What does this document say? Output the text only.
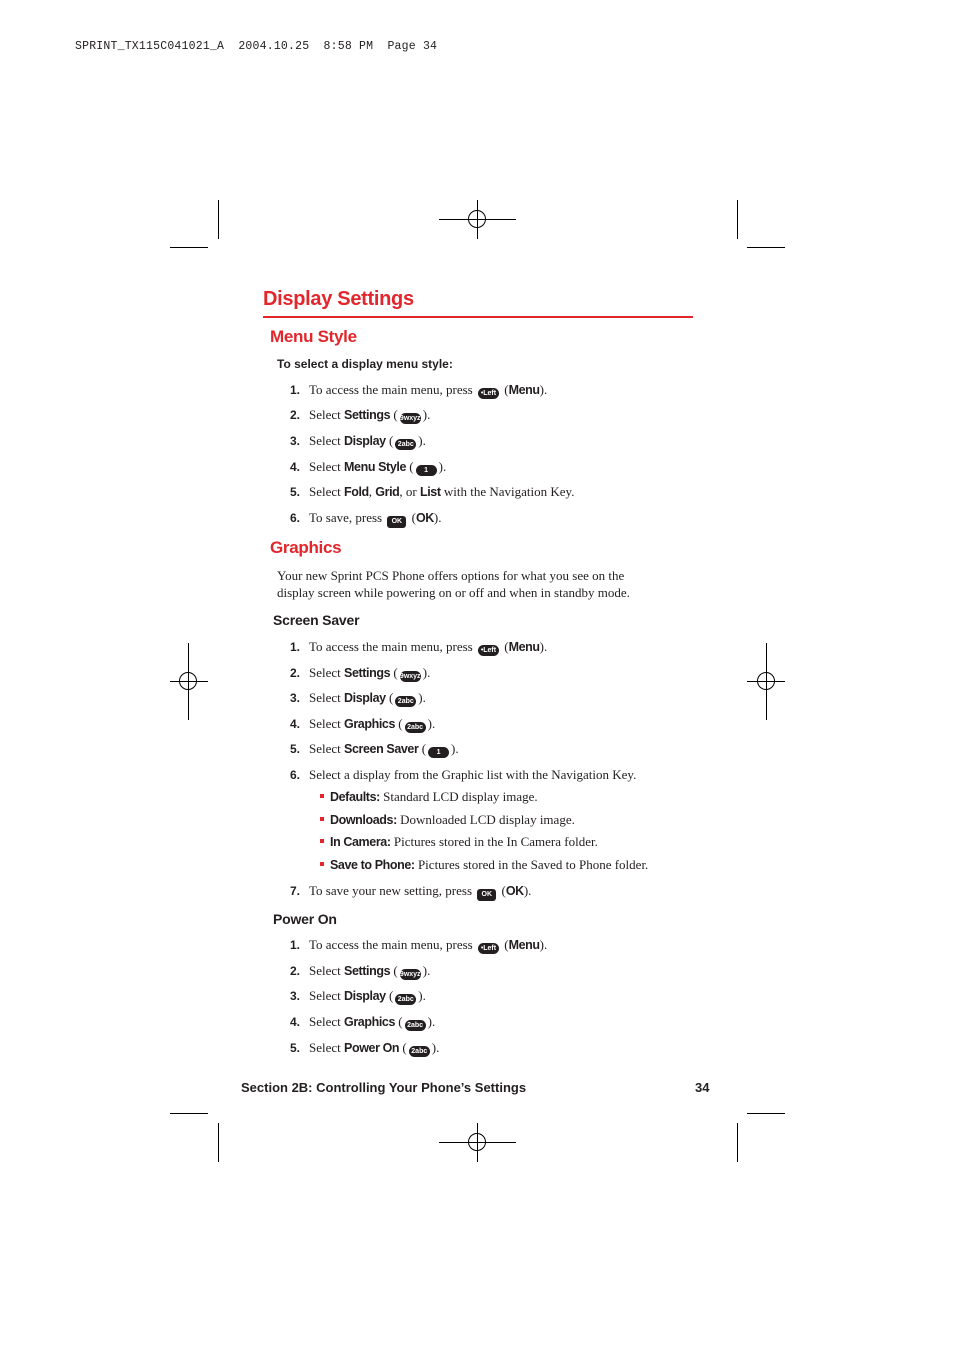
SPRINT_TX115C041021_A  2004.10.25  8:58 PM  Page 34
Display Settings
Menu Style
To select a display menu style:
1. To access the main menu, press •Left (Menu).
2. Select Settings ( 9wxyz ).
3. Select Display ( 2abc ).
4. Select Menu Style ( 1 ).
5. Select Fold, Grid, or List with the Navigation Key.
6. To save, press OK (OK).
Graphics
Your new Sprint PCS Phone offers options for what you see on the
display screen while powering on or off and when in standby mode.
Screen Saver
1. To access the main menu, press •Left (Menu).
2. Select Settings ( 9wxyz ).
3. Select Display ( 2abc ).
4. Select Graphics ( 2abc ).
5. Select Screen Saver ( 1 ).
6. Select a display from the Graphic list with the Navigation Key.
Defaults: Standard LCD display image.
Downloads: Downloaded LCD display image.
In Camera: Pictures stored in the In Camera folder.
Save to Phone: Pictures stored in the Saved to Phone folder.
7. To save your new setting, press OK (OK).
Power On
1. To access the main menu, press •Left (Menu).
2. Select Settings ( 9wxyz ).
3. Select Display ( 2abc ).
4. Select Graphics ( 2abc ).
5. Select Power On ( 2abc ).
Section 2B: Controlling Your Phone’s Settings	34
